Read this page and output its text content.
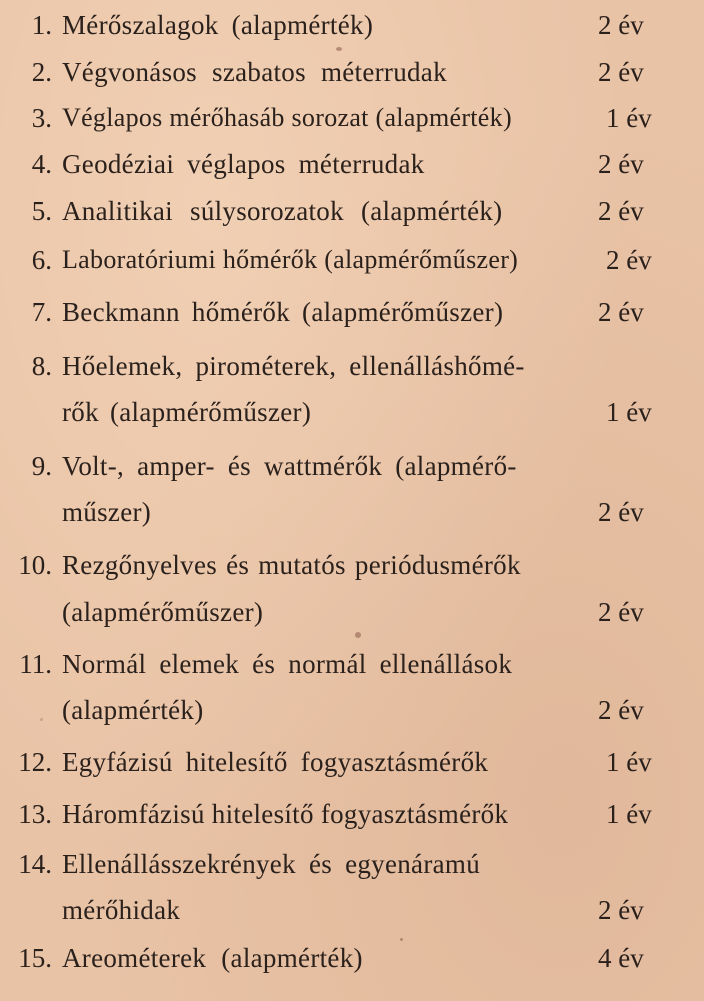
1. Mérőszalagok (alapmérték)	2 év
2. Végvonásos szabatos méterrudak	2 év
3. Véglapos mérőhasáb sorozat (alapmérték)	1 év
4. Geodéziai véglapos méterrudak	2 év
5. Analitikai súlysorozatok (alapmérték)	2 év
6. Laboratóriumi hőmérők (alapmérőműszer)	2 év
7. Beckmann hőmérők (alapmérőműszer)	2 év
8. Hőelemek, pirométerek, ellenálláshőmé-
rők (alapmérőműszer)	1 év
9. Volt-, amper- és wattmérők (alapmérő-
műszer)	2 év
10. Rezgőnyelves és mutatós periódusmérők
(alapmérőműszer)	2 év
11. Normál elemek és normál ellenállások
(alapmérték)	2 év
12. Egyfázisú hitelesítő fogyasztásmérők	1 év
13. Háromfázisú hitelesítő fogyasztásmérők	1 év
14. Ellenállásszekrények és egyenáramú
mérőhidak	2 év
15. Areométerek (alapmérték)	4 év
